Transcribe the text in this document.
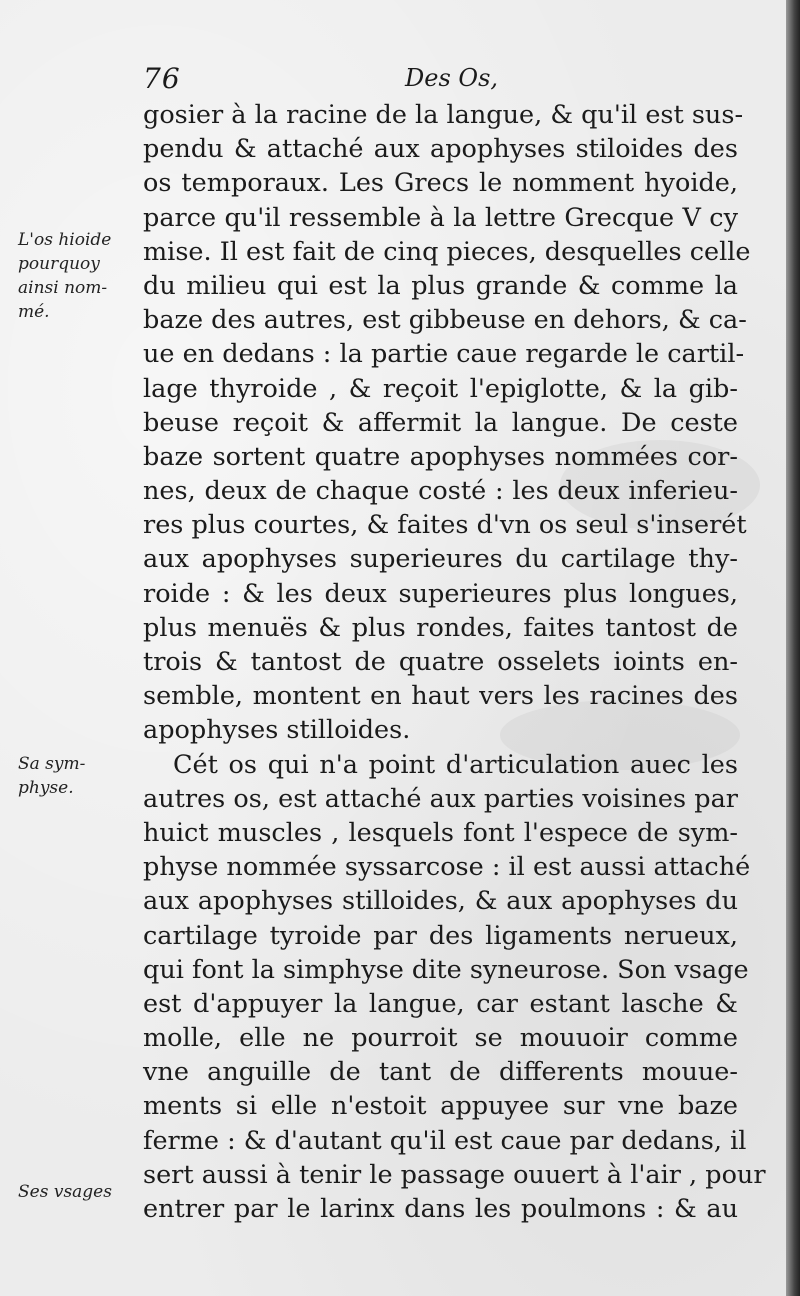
76	Des Os,
L'os hioide
pourquoy
ainsi nom-
mé.
Sa sym-
physe.
Ses vsages
gosier à la racine de la langue, & qu'il est sus-
pendu & attaché aux apophyses stiloides des
os temporaux. Les Grecs le nomment hyoide,
parce qu'il ressemble à la lettre Grecque V cy
mise. Il est fait de cinq pieces, desquelles celle
du milieu qui est la plus grande & comme la
baze des autres, est gibbeuse en dehors, & ca-
ue en dedans : la partie caue regarde le cartil-
lage thyroide , & reçoit l'epiglotte, & la gib-
beuse reçoit & affermit la langue. De ceste
baze sortent quatre apophyses nommées cor-
nes, deux de chaque costé : les deux inferieu-
res plus courtes, & faites d'vn os seul s'inserét
aux apophyses superieures du cartilage thy-
roide : & les deux superieures plus longues,
plus menuës & plus rondes, faites tantost de
trois & tantost de quatre osselets ioints en-
semble, montent en haut vers les racines des
apophyses stilloides.
Cét os qui n'a point d'articulation auec les
autres os, est attaché aux parties voisines par
huict muscles , lesquels font l'espece de sym-
physe nommée syssarcose : il est aussi attaché
aux apophyses stilloides, & aux apophyses du
cartilage tyroide par des ligaments nerueux,
qui font la simphyse dite syneurose. Son vsage
est d'appuyer la langue, car estant lasche &
molle, elle ne pourroit se mouuoir comme
vne anguille de tant de differents mouue-
ments si elle n'estoit appuyee sur vne baze
ferme : & d'autant qu'il est caue par dedans, il
sert aussi à tenir le passage ouuert à l'air , pour
entrer par le larinx dans les poulmons : & au
